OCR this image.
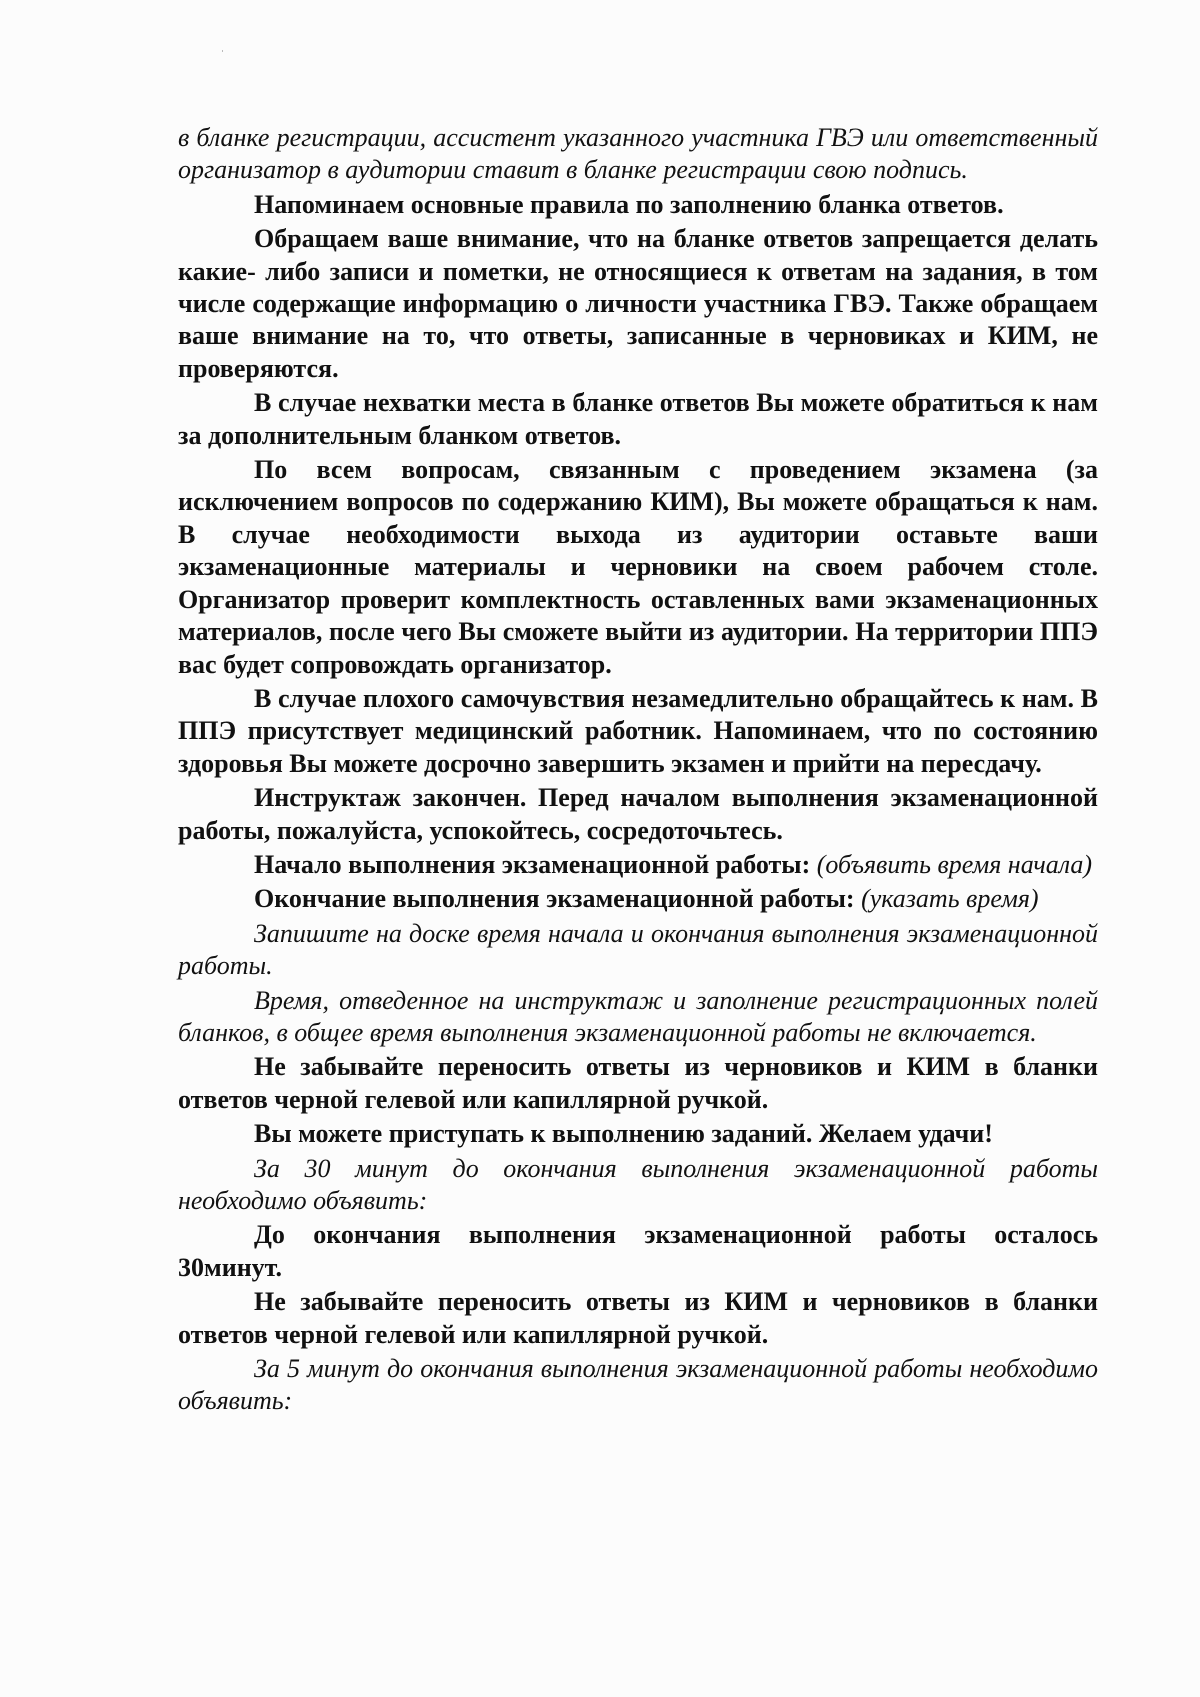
в бланке регистрации, ассистент указанного участника ГВЭ или ответственный организатор в аудитории ставит в бланке регистрации свою подпись.

Напоминаем основные правила по заполнению бланка ответов.

Обращаем ваше внимание, что на бланке ответов запрещается делать какие- либо записи и пометки, не относящиеся к ответам на задания, в том числе содержащие информацию о личности участника ГВЭ. Также обращаем ваше внимание на то, что ответы, записанные в черновиках и КИМ, не проверяются.

В случае нехватки места в бланке ответов Вы можете обратиться к нам за дополнительным бланком ответов.

По всем вопросам, связанным с проведением экзамена (за исключением вопросов по содержанию КИМ), Вы можете обращаться к нам. В случае необходимости выхода из аудитории оставьте ваши экзаменационные материалы и черновики на своем рабочем столе. Организатор проверит комплектность оставленных вами экзаменационных материалов, после чего Вы сможете выйти из аудитории. На территории ППЭ вас будет сопровождать организатор.

В случае плохого самочувствия незамедлительно обращайтесь к нам. В ППЭ присутствует медицинский работник. Напоминаем, что по состоянию здоровья Вы можете досрочно завершить экзамен и прийти на пересдачу.

Инструктаж закончен. Перед началом выполнения экзаменационной работы, пожалуйста, успокойтесь, сосредоточьтесь.

Начало выполнения экзаменационной работы: (объявить время начала)

Окончание выполнения экзаменационной работы: (указать время)

Запишите на доске время начала и окончания выполнения экзаменационной работы.

Время, отведенное на инструктаж и заполнение регистрационных полей бланков, в общее время выполнения экзаменационной работы не включается.

Не забывайте переносить ответы из черновиков и КИМ в бланки ответов черной гелевой или капиллярной ручкой.

Вы можете приступать к выполнению заданий. Желаем удачи!

За 30 минут до окончания выполнения экзаменационной работы необходимо объявить:

До окончания выполнения экзаменационной работы осталось 30минут.

Не забывайте переносить ответы из КИМ и черновиков в бланки ответов черной гелевой или капиллярной ручкой.

За 5 минут до окончания выполнения экзаменационной работы необходимо объявить:
